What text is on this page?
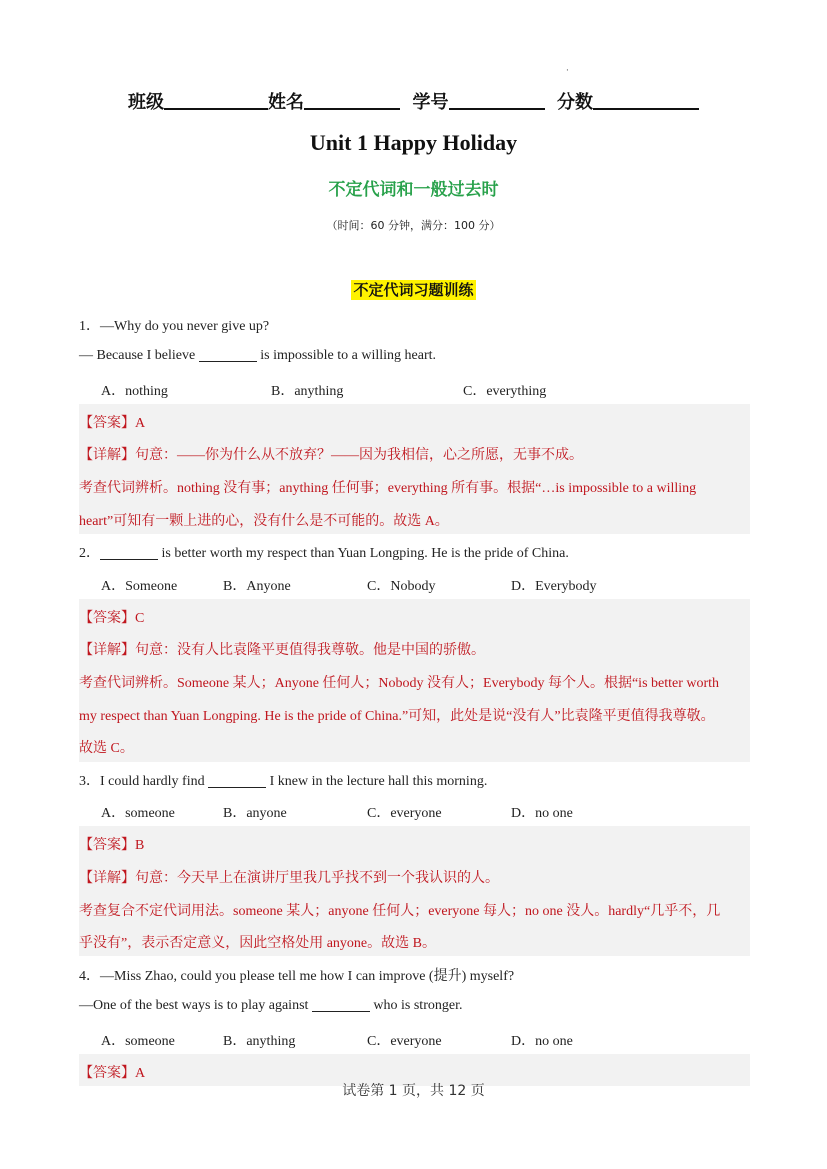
·
班级	姓名	学号	分数
Unit 1 Happy Holiday
不定代词和一般过去时
（时间：60 分钟，满分：100 分）
不定代词习题训练
1．—Why do you never give up?
— Because I believe	is impossible to a willing heart.
A．nothing	B．anything	C．everything
【答案】A
【详解】句意：——你为什么从不放弃？——因为我相信，心之所愿，无事不成。
考查代词辨析。nothing 没有事；anything 任何事；everything 所有事。根据“…is impossible to a willing
heart”可知有一颗上进的心，没有什么是不可能的。故选 A。
2．	is better worth my respect than Yuan Longping. He is the pride of China.
A．Someone	B．Anyone	C．Nobody	D．Everybody
【答案】C
【详解】句意：没有人比袁隆平更值得我尊敬。他是中国的骄傲。
考查代词辨析。Someone 某人；Anyone 任何人；Nobody 没有人；Everybody 每个人。根据“is better worth
my respect than Yuan Longping. He is the pride of China.”可知，此处是说“没有人”比袁隆平更值得我尊敬。
故选 C。
3．I could hardly find	I knew in the lecture hall this morning.
A．someone	B．anyone	C．everyone	D．no one
【答案】B
【详解】句意：今天早上在演讲厅里我几乎找不到一个我认识的人。
考查复合不定代词用法。someone 某人；anyone 任何人；everyone 每人；no one 没人。hardly“几乎不，几
乎没有”，表示否定意义，因此空格处用 anyone。故选 B。
4．—Miss Zhao, could you please tell me how I can improve (提升) myself?
—One of the best ways is to play against	who is stronger.
A．someone	B．anything	C．everyone	D．no one
【答案】A
试卷第 1 页，共 12 页
